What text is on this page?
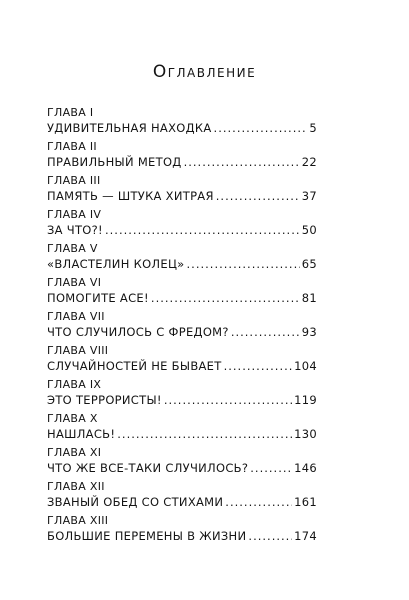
Оглавление
ГЛАВА I
УДИВИТЕЛЬНАЯ НАХОДКА .....	5
ГЛАВА II
ПРАВИЛЬНЫЙ МЕТОД .....	22
ГЛАВА III
ПАМЯТЬ — ШТУКА ХИТРАЯ .....	37
ГЛАВА IV
ЗА ЧТО?! .....	50
ГЛАВА V
«ВЛАСТЕЛИН КОЛЕЦ» .....	65
ГЛАВА VI
ПОМОГИТЕ АСЕ! .....	81
ГЛАВА VII
ЧТО СЛУЧИЛОСЬ С ФРЕДОМ? .....	93
ГЛАВА VIII
СЛУЧАЙНОСТЕЙ НЕ БЫВАЕТ .....	104
ГЛАВА IX
ЭТО ТЕРРОРИСТЫ! .....	119
ГЛАВА X
НАШЛАСЬ! .....	130
ГЛАВА XI
ЧТО ЖЕ ВСЕ-ТАКИ СЛУЧИЛОСЬ? .....	146
ГЛАВА XII
ЗВАНЫЙ ОБЕД СО СТИХАМИ .....	161
ГЛАВА XIII
БОЛЬШИЕ ПЕРЕМЕНЫ В ЖИЗНИ .....	174
